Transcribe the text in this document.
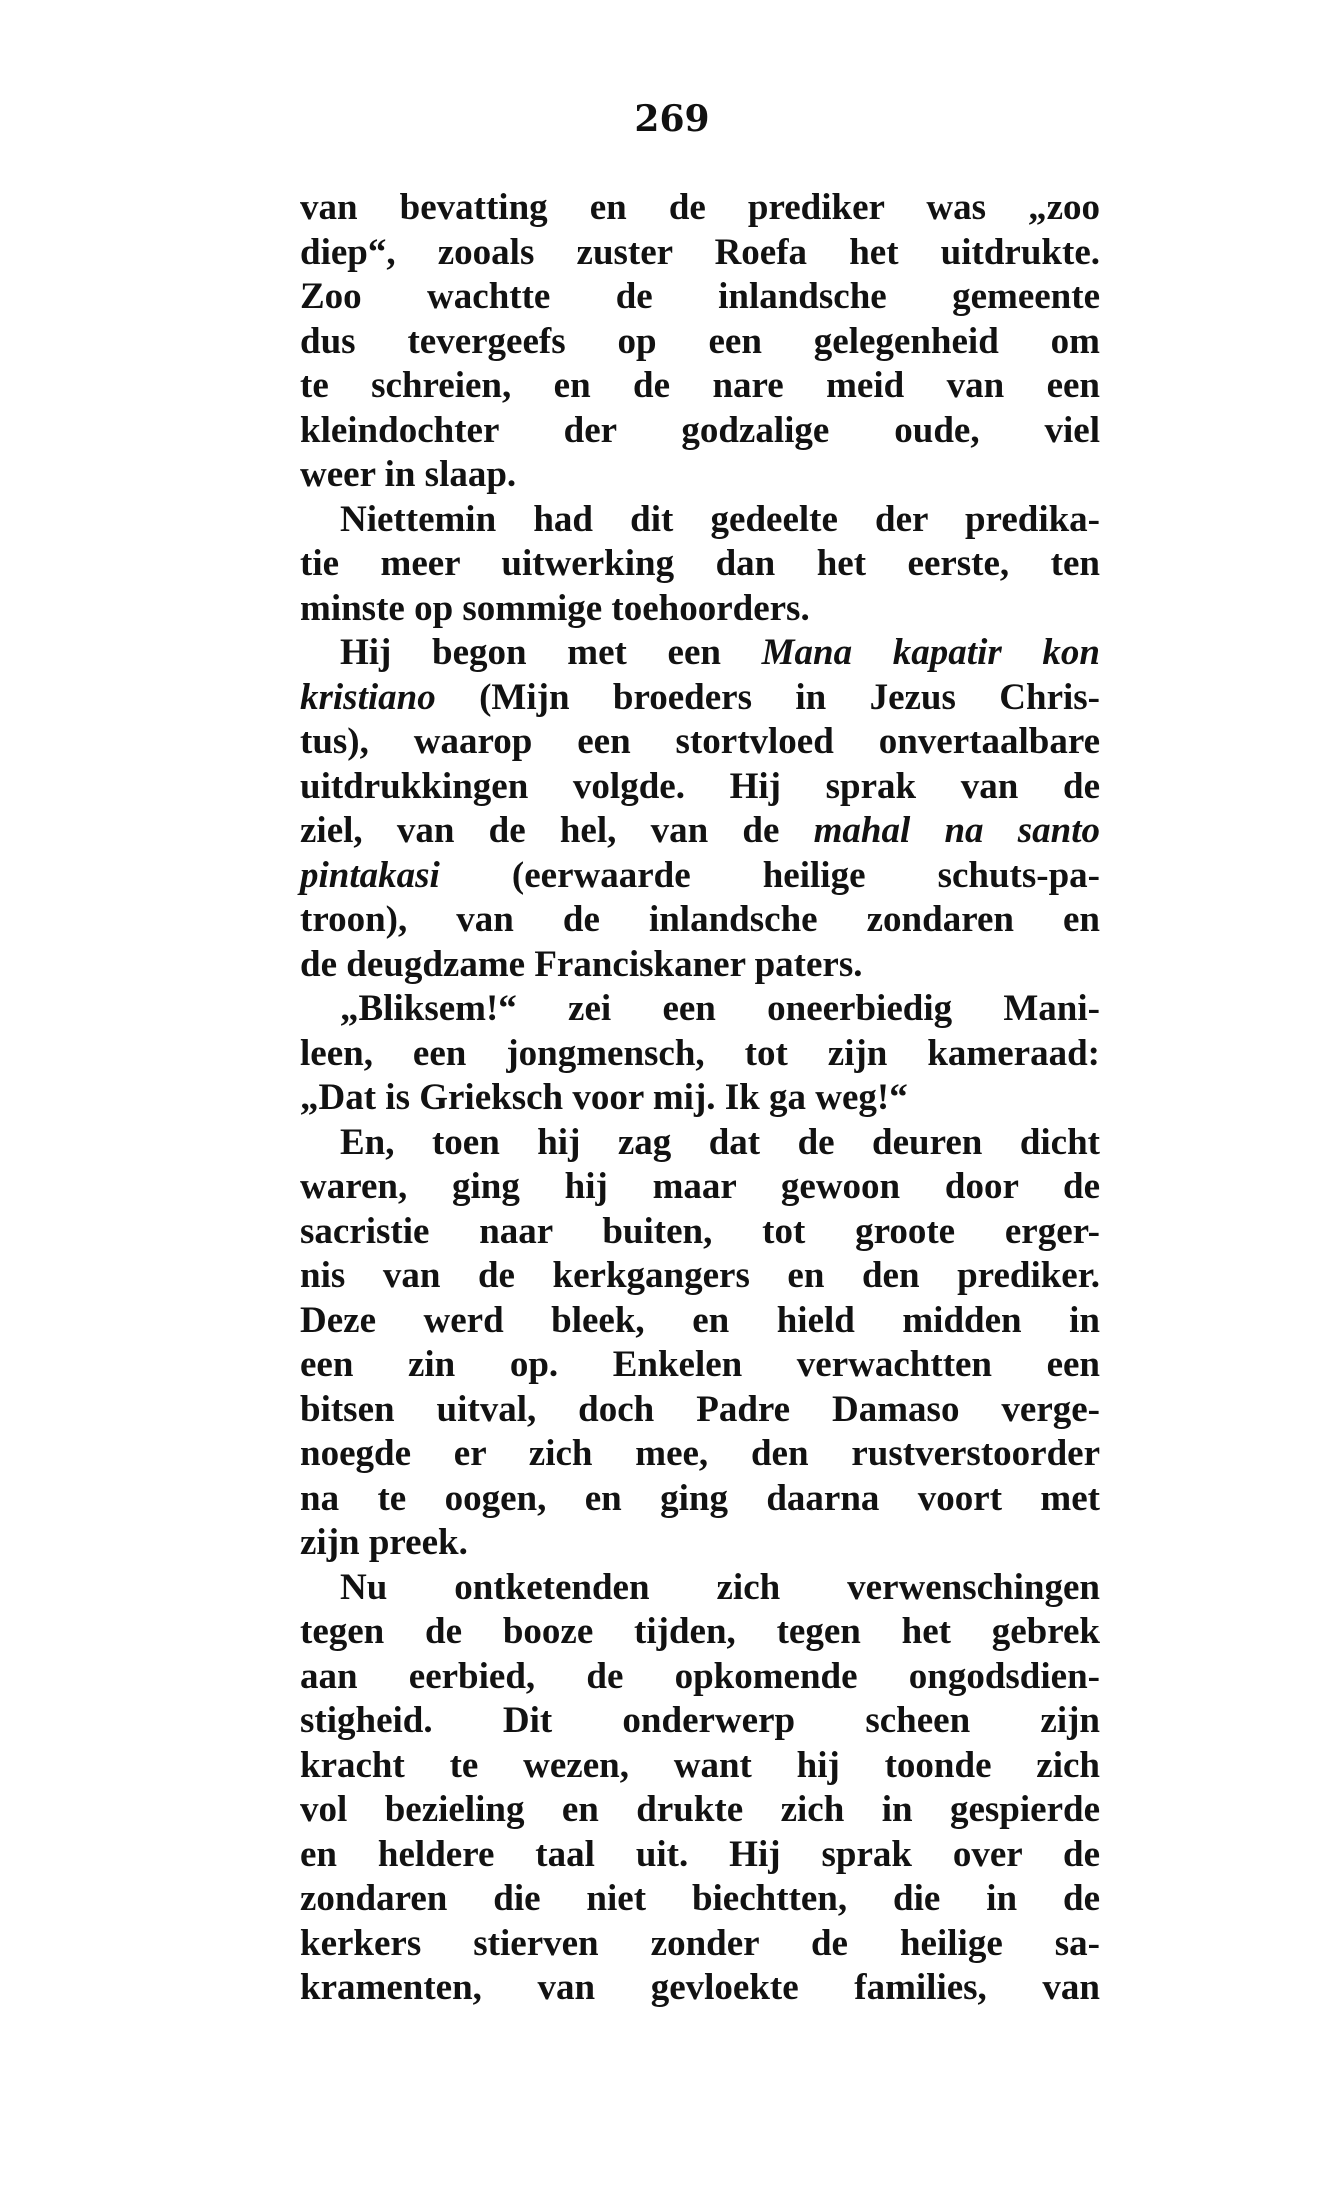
269
van bevatting en de prediker was „zoo
diep“, zooals zuster Roefa het uitdrukte.
Zoo wachtte de inlandsche gemeente
dus tevergeefs op een gelegenheid om
te schreien, en de nare meid van een
kleindochter der godzalige oude, viel
weer in slaap.
Niettemin had dit gedeelte der predika-
tie meer uitwerking dan het eerste, ten
minste op sommige toehoorders.
Hij begon met een Mana kapatir kon
kristiano (Mijn broeders in Jezus Chris-
tus), waarop een stortvloed onvertaalbare
uitdrukkingen volgde. Hij sprak van de
ziel, van de hel, van de mahal na santo
pintakasi (eerwaarde heilige schuts-pa-
troon), van de inlandsche zondaren en
de deugdzame Franciskaner paters.
„Bliksem!“ zei een oneerbiedig Mani-
leen, een jongmensch, tot zijn kameraad:
„Dat is Grieksch voor mij. Ik ga weg!“
En, toen hij zag dat de deuren dicht
waren, ging hij maar gewoon door de
sacristie naar buiten, tot groote erger-
nis van de kerkgangers en den prediker.
Deze werd bleek, en hield midden in
een zin op. Enkelen verwachtten een
bitsen uitval, doch Padre Damaso verge-
noegde er zich mee, den rustverstoorder
na te oogen, en ging daarna voort met
zijn preek.
Nu ontketenden zich verwenschingen
tegen de booze tijden, tegen het gebrek
aan eerbied, de opkomende ongodsdien-
stigheid. Dit onderwerp scheen zijn
kracht te wezen, want hij toonde zich
vol bezieling en drukte zich in gespierde
en heldere taal uit. Hij sprak over de
zondaren die niet biechtten, die in de
kerkers stierven zonder de heilige sa-
kramenten, van gevloekte families, van
